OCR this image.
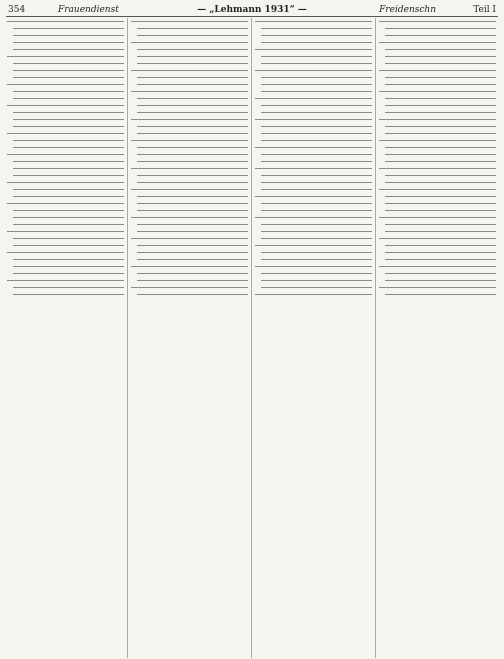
354	Frauendienst	— „Lehmann 1931“ —	Freidenschn	Teil I
